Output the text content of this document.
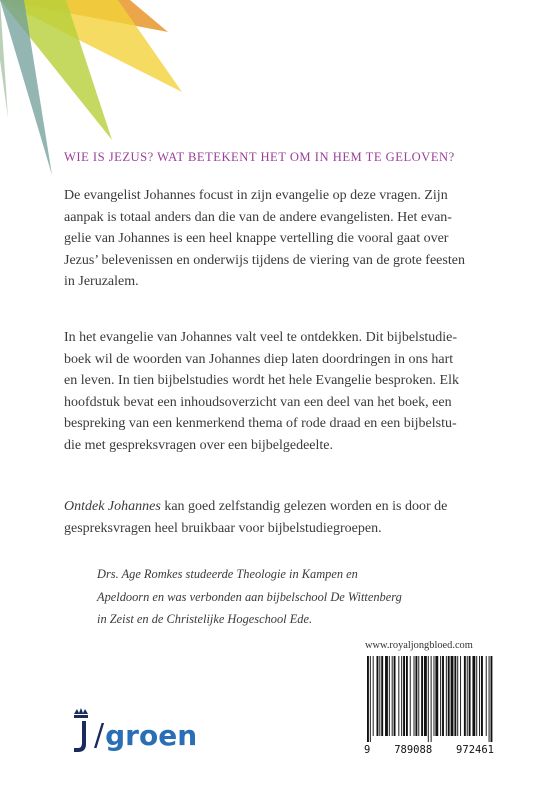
WIE IS JEZUS? WAT BETEKENT HET OM IN HEM TE GELOVEN?

De evangelist Johannes focust in zijn evangelie op deze vragen. Zijn
aanpak is totaal anders dan die van de andere evangelisten. Het evan-
gelie van Johannes is een heel knappe vertelling die vooral gaat over
Jezus’ belevenissen en onderwijs tijdens de viering van de grote feesten
in Jeruzalem.

In het evangelie van Johannes valt veel te ontdekken. Dit bijbelstudie-
boek wil de woorden van Johannes diep laten doordringen in ons hart
en leven. In tien bijbelstudies wordt het hele Evangelie besproken. Elk
hoofdstuk bevat een inhoudsoverzicht van een deel van het boek, een
bespreking van een kenmerkend thema of rode draad en een bijbelstu-
die met gespreksvragen over een bijbelgedeelte.

Ontdek Johannes kan goed zelfstandig gelezen worden en is door de
gespreksvragen heel bruikbaar voor bijbelstudiegroepen.

Drs. Age Romkes studeerde Theologie in Kampen en
Apeldoorn en was verbonden aan bijbelschool De Wittenberg
in Zeist en de Christelijke Hogeschool Ede.

/ groen
www.royaljongbloed.com
9 789088 972461
